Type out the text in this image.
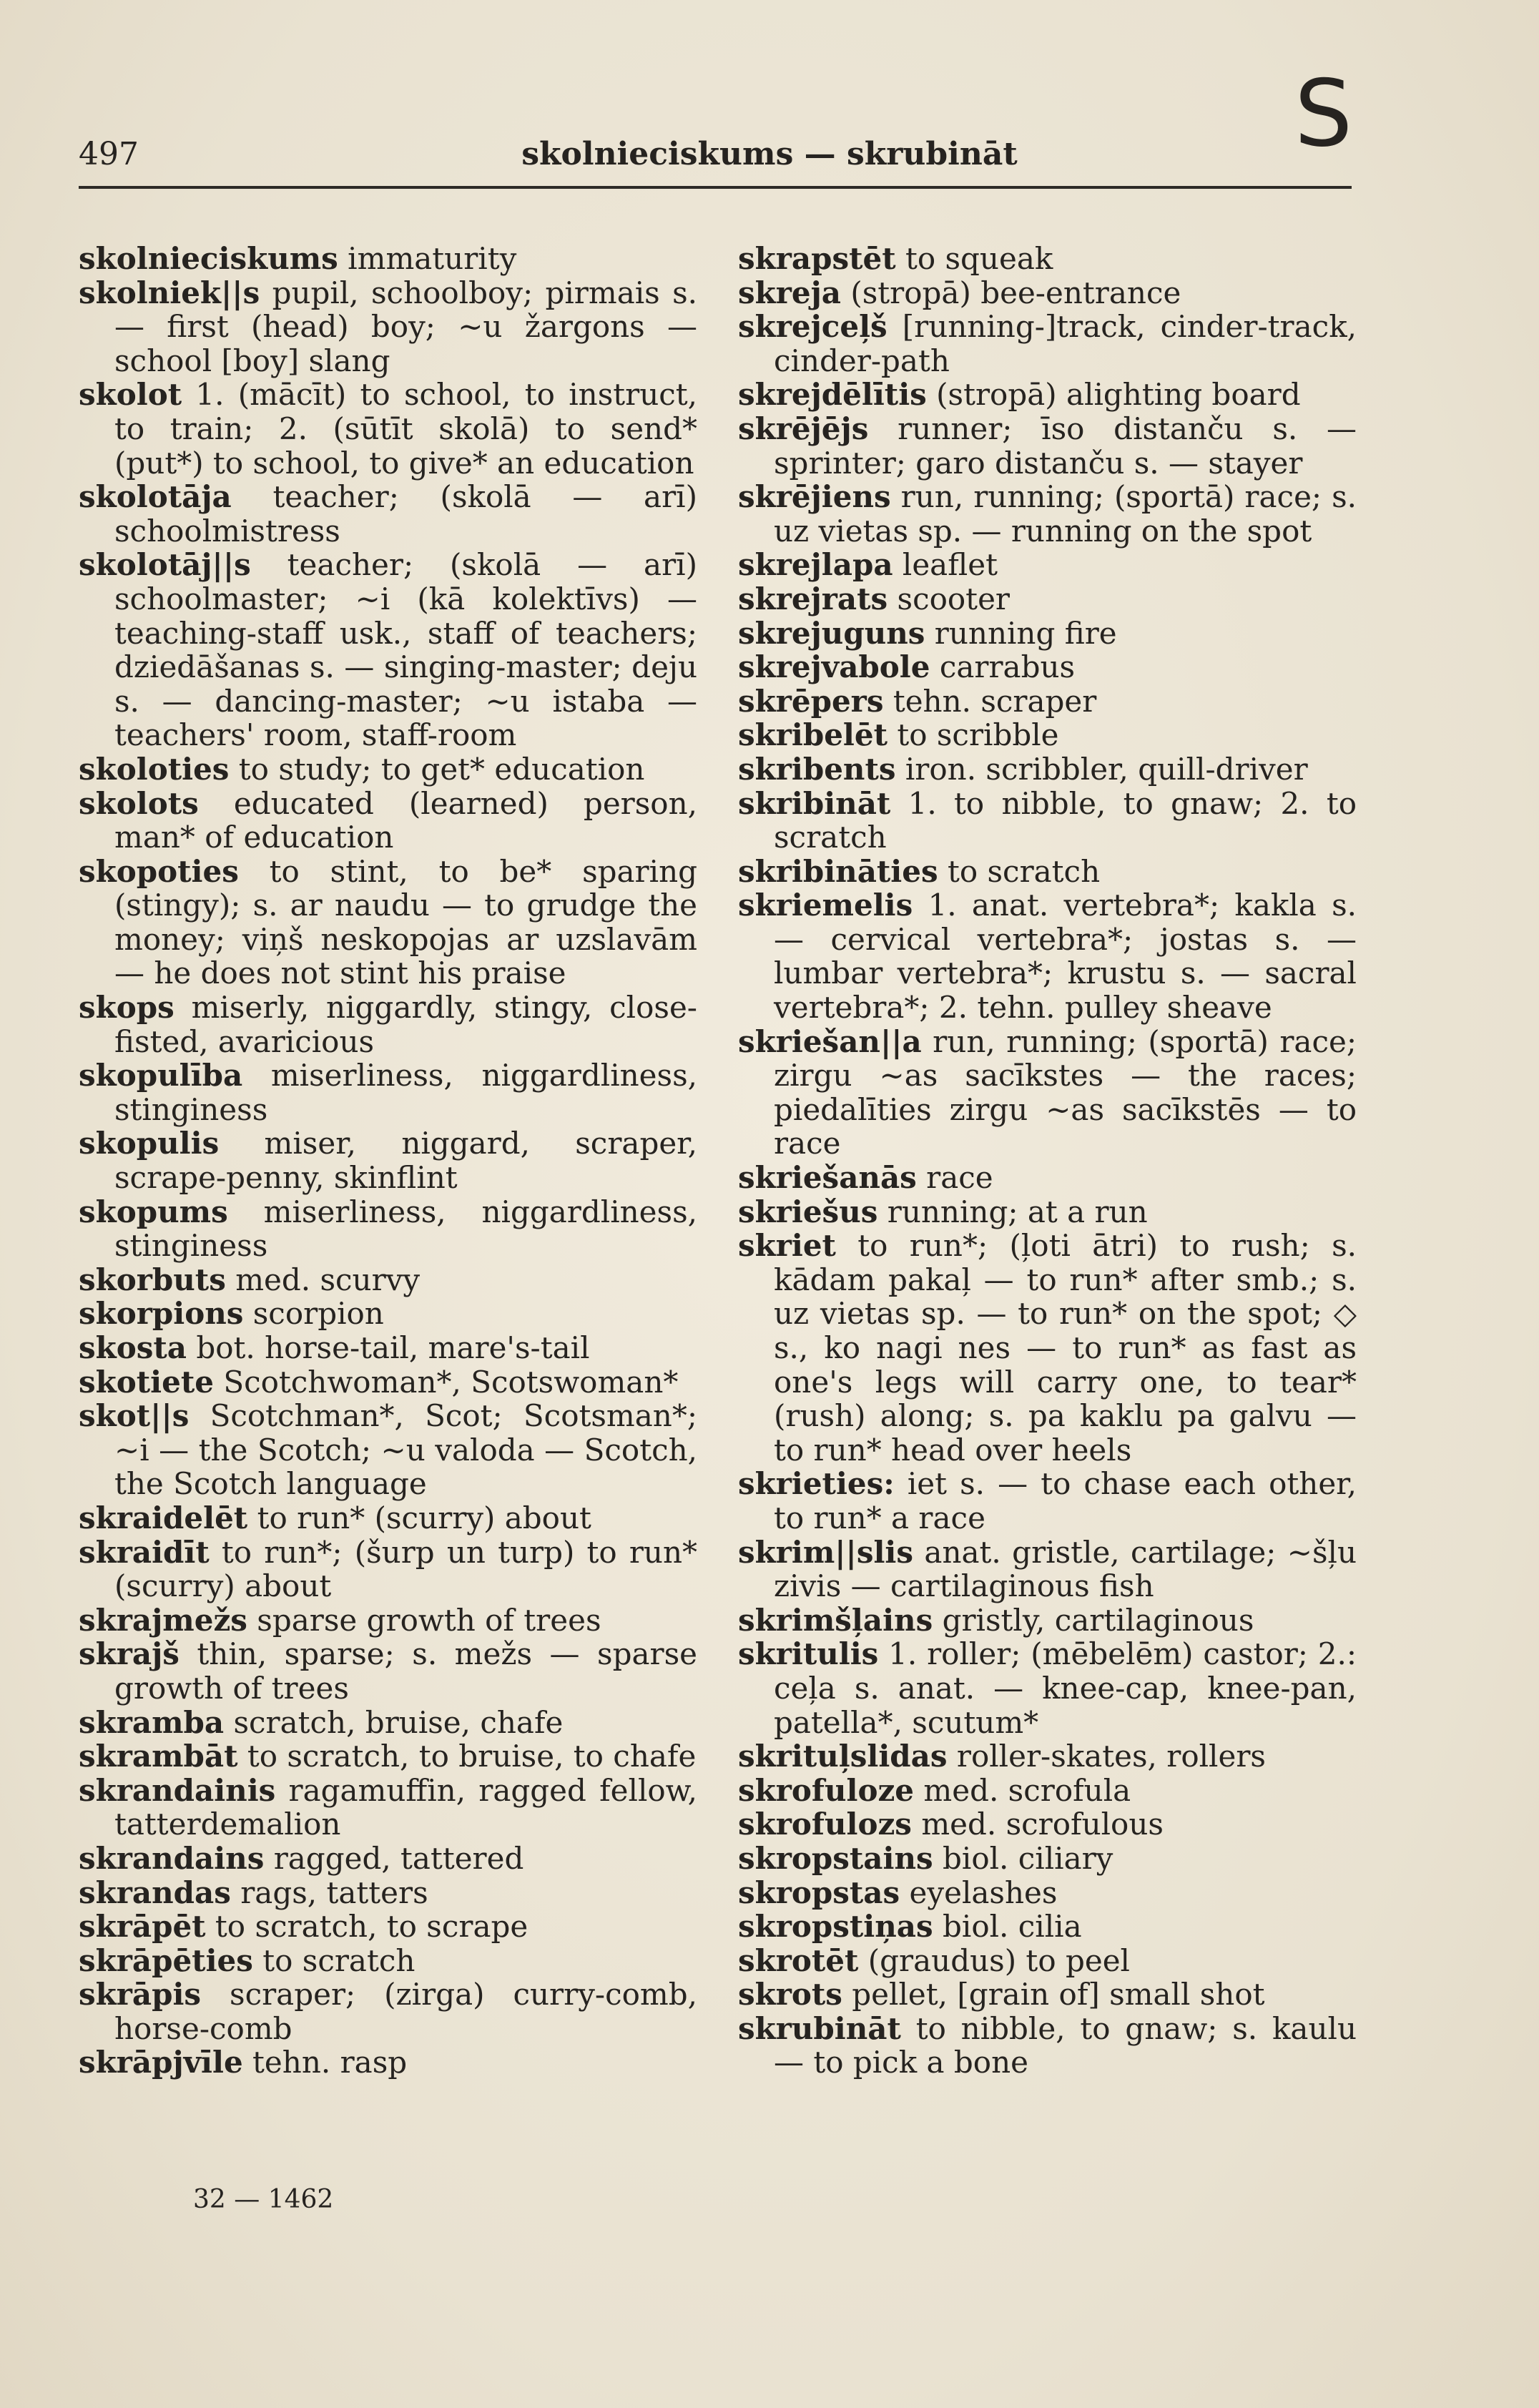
497	skolnieciskums — skrubināt	S

skolnieciskums immaturity

skolniek||s pupil, schoolboy; pirmais s. — first (head) boy; ~u žargons — school [boy] slang

skolot 1. (mācīt) to school, to instruct, to train; 2. (sūtīt skolā) to send* (put*) to school, to give* an education

skolotāja teacher; (skolā — arī) schoolmistress

skolotāj||s teacher; (skolā — arī) schoolmaster; ~i (kā kolektīvs) — teaching-staff usk., staff of teachers; dziedāšanas s. — singing-master; deju s. — dancing-master; ~u istaba — teachers' room, staff-room

skoloties to study; to get* education

skolots educated (learned) person, man* of education

skopoties to stint, to be* sparing (stingy); s. ar naudu — to grudge the money; viņš neskopojas ar uzslavām — he does not stint his praise

skops miserly, niggardly, stingy, close-fisted, avaricious

skopulība miserliness, niggardliness, stinginess

skopulis miser, niggard, scraper, scrape-penny, skinflint

skopums miserliness, niggardliness, stinginess

skorbuts med. scurvy

skorpions scorpion

skosta bot. horse-tail, mare's-tail

skotiete Scotchwoman*, Scotswoman*

skot||s Scotchman*, Scot; Scotsman*; ~i — the Scotch; ~u valoda — Scotch, the Scotch language

skraidelēt to run* (scurry) about

skraidīt to run*; (šurp un turp) to run* (scurry) about

skrajmežs sparse growth of trees

skrajš thin, sparse; s. mežs — sparse growth of trees

skramba scratch, bruise, chafe

skrambāt to scratch, to bruise, to chafe

skrandainis ragamuffin, ragged fellow, tatterdemalion

skrandains ragged, tattered

skrandas rags, tatters

skrāpēt to scratch, to scrape

skrāpēties to scratch

skrāpis scraper; (zirga) curry-comb, horse-comb

skrāpjvīle tehn. rasp

skrapstēt to squeak

skreja (stropā) bee-entrance

skrejceļš [running-]track, cinder-track, cinder-path

skrejdēlītis (stropā) alighting board

skrējējs runner; īso distanču s. — sprinter; garo distanču s. — stayer

skrējiens run, running; (sportā) race; s. uz vietas sp. — running on the spot

skrejlapa leaflet

skrejrats scooter

skrejuguns running fire

skrejvabole carrabus

skrēpers tehn. scraper

skribelēt to scribble

skribents iron. scribbler, quill-driver

skribināt 1. to nibble, to gnaw; 2. to scratch

skribināties to scratch

skriemelis 1. anat. vertebra*; kakla s. — cervical vertebra*; jostas s. — lumbar vertebra*; krustu s. — sacral vertebra*; 2. tehn. pulley sheave

skriešan||a run, running; (sportā) race; zirgu ~as sacīkstes — the races; piedalīties zirgu ~as sacīkstēs — to race

skriešanās race

skriešus running; at a run

skriet to run*; (ļoti ātri) to rush; s. kādam pakaļ — to run* after smb.; s. uz vietas sp. — to run* on the spot; ◇ s., ko nagi nes — to run* as fast as one's legs will carry one, to tear* (rush) along; s. pa kaklu pa galvu — to run* head over heels

skrieties: iet s. — to chase each other, to run* a race

skrim||slis anat. gristle, cartilage; ~šļu zivis — cartilaginous fish

skrimšļains gristly, cartilaginous

skritulis 1. roller; (mēbelēm) castor; 2.: ceļa s. anat. — knee-cap, knee-pan, patella*, scutum*

skrituļslidas roller-skates, rollers

skrofuloze med. scrofula

skrofulozs med. scrofulous

skropstains biol. ciliary

skropstas eyelashes

skropstiņas biol. cilia

skrotēt (graudus) to peel

skrots pellet, [grain of] small shot

skrubināt to nibble, to gnaw; s. kaulu — to pick a bone

32 — 1462
